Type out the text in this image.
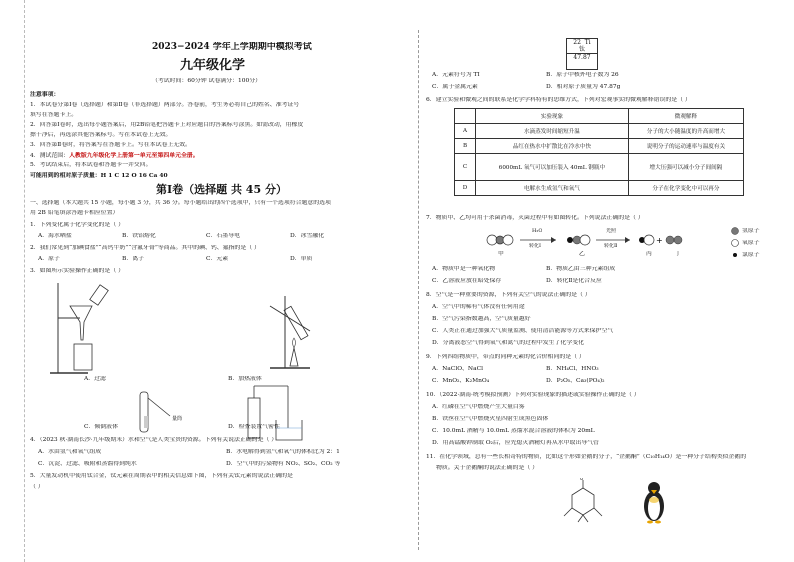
2023−2024 学年上学期期中模拟考试
九年级化学
（考试时间：60分钟 试卷满分：100分）
注意事项：
1．本试卷分第Ⅰ卷（选择题）和第Ⅱ卷（非选择题）两部分。答卷前，考生务必将自己的姓名、准考证号
填写在答题卡上。
2．回答第Ⅰ卷时，选出每小题答案后，用2B铅笔把答题卡上对应题目的答案标号涂黑。如需改动，用橡皮
擦干净后，再选涂其他答案标号。写在本试卷上无效。
3．回答第Ⅱ卷时，将答案写在答题卡上。写在本试卷上无效。
4．测试范围：人教版九年级化学上册第一单元至第四单元全册。
5．考试结束后，将本试卷和答题卡一并交回。
可能用到的相对原子质量：H 1 C 12 O 16 Ca 40
第Ⅰ卷（选择题 共 45 分）
一、选择题（本大题共 15 小题，每小题 3 分，共 36 分。每小题给出的四个选项中，只有一个选项符合题意的选项
用 2B 铅笔填涂答题卡相应位置）
1．下列变化属于化学变化的是（ ）
A．海水晒盐	B．铁铝熔化	C．石墨导电	D．冰雪融化
2．我们常见到“加碘食盐”“高钙牛奶”“含氟牙膏”等商品。其中的碘、钙、氟指的是（ ）
A．原子	B．离子	C．元素	D．单质
3．如图所示实验操作正确的是（ ）
A．过滤	B．加热液体
量筒
C．倾倒液体	D．检查装置气密性
4．（2023 秋·湖南长沙·九年级期末）水和空气是人类宝贵的资源。下列有关说法正确的是（ ）
A．水由氢气和氧气组成	B．水电解得到氢气和氧气的体积比为 2：1
C．沉淀、过滤、吸附和蒸馏得到纯水	D．空气中的污染物有 NO₂、SO₂、CO₂ 等
5．大量发动机中使用钛合金，钛元素在周期表中的相关信息如下图，下列有关钛元素的说法正确的是
（ ）
22 Ti
钛
47.87
A．元素符号为 TI	B．原子中核外电子数为 26
C．属于金属元素	D．相对原子质量为 47.87g
6．建立实验和微观之间的联系是化学学科特有的思维方式，下列对宏观事实的微观解释错误的是（ ）
	实验现象	微观解释
A	水滴蒸发时间缩短升温	分子的大小随温度的升高而增大
B	品红在热水中扩散比在冷水中快	说明分子的运动速率与温度有关
C	6000mL 氧气可以加压装入 40mL 钢瓶中	增大压强可以减小分子间间隔
D	电解水生成氢气和氧气	分子在化学变化中可以再分
7．物质甲、乙均可用于杀菌消毒，灭菌过程中有如图转化。下列说法正确的是（ ）
+
H₂O
转化Ⅰ
光照
转化Ⅱ
甲	乙	丙	丁
氢原子
氧原子
氯原子
A．物质甲是一种氧化物	B．物质乙由三种元素组成
C．乙溶液应放在暗处保存	D．转化Ⅱ是化合反应
8．空气是一种重要的资源，下列有关空气的说法正确的是（ ）
A．空气中的稀有气体没有任何用途
B．空气污染指数越高，空气质量越好
C．人类正在通过加强大气质量监测、使用清洁能源等方式来保护空气
D．分离液态空气得到氧气和氮气的过程中发生了化学变化
9．下列四组物质中，带点的同种元素的化合价相同的是（ ）
A．NaClO、NaCl	B．NH₄Cl、HNO₃
C．MnO₂、K₂MnO₄	D．P₂O₅、Ca₃(PO₄)₂
10．（2022·湖南·统考模拟预测）下列对实验现象的描述或实验操作正确的是（ ）
A．红磷在空气中燃烧产生大量白雾
B．铁丝在空气中燃烧火星四射生成黑色固体
C．10.0mL 酒精与 10.0mL 蒸馏水混合溶液的体积为 20mL
D．用高锰酸钾制取 O₂后，应先熄灭酒精灯再从水中取出导气管
11．在化学领域，总有一些长相奇特的物质，比如这个形如企鹅的分子，“企鹅酮”（C₁₀H₁₄O）是一种分子结构类似企鹅的
物质。关于企鹅酮的说法正确的是（ ）
O
